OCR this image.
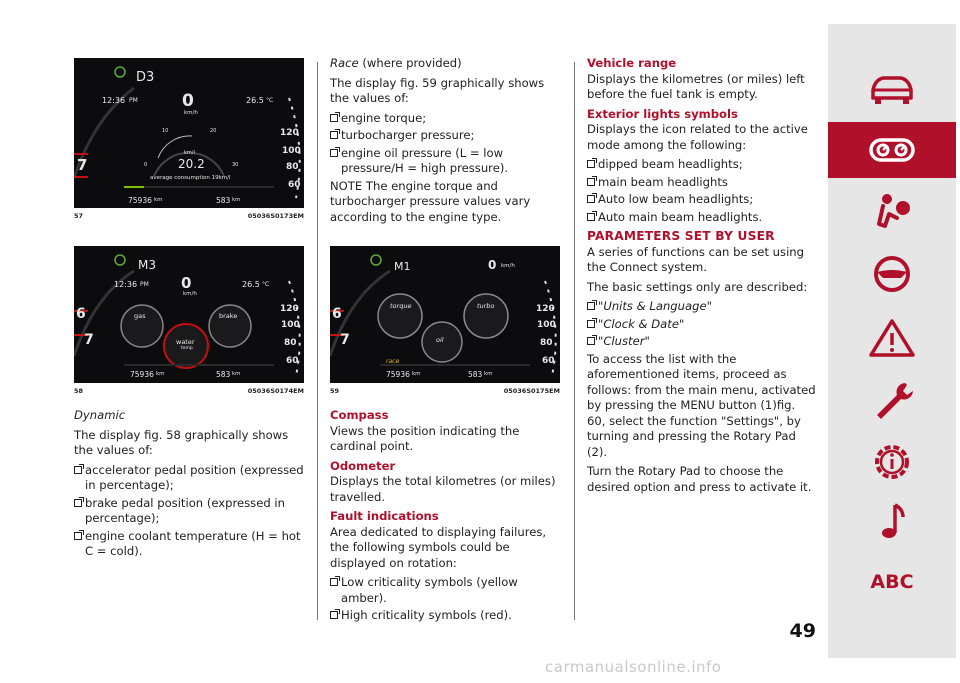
D3
12:36 PM	26.5 °C
0
km/h
0
10	20
30
km/l
20.2
average consumption 19km/l
75936 km	583 km
7
120
100
80
60
57	05036S0173EM
M3
12:36 PM	26.5 °C
0
km/h
gas	brake
water
temp
75936 km	583 km
6
7
120
100
80
60
58	05036S0174EM

Dynamic

The display fig. 58 graphically shows the values of:

accelerator pedal position (expressed in percentage);
brake pedal position (expressed in percentage);
engine coolant temperature (H = hot C = cold).

Race (where provided)

The display fig. 59 graphically shows the values of:

engine torque;
turbocharger pressure;
engine oil pressure (L = low pressure/H = high pressure).

NOTE The engine torque and turbocharger pressure values vary according to the engine type.

M1	0 km/h
torque	turbo
oil
race
75936 km	583 km
6
7
120
100
80
60
59	05036S0175EM
Compass

Views the position indicating the cardinal point.

Odometer

Displays the total kilometres (or miles) travelled.

Fault indications

Area dedicated to displaying failures, the following symbols could be displayed on rotation:

Low criticality symbols (yellow amber).
High criticality symbols (red).
Vehicle range

Displays the kilometres (or miles) left before the fuel tank is empty.

Exterior lights symbols

Displays the icon related to the active mode among the following:

dipped beam headlights;
main beam headlights
Auto low beam headlights;
Auto main beam headlights.
PARAMETERS SET BY USER

A series of functions can be set using the Connect system.

The basic settings only are described:

"Units & Language"
"Clock & Date"
"Cluster"

To access the list with the aforementioned items, proceed as follows: from the main menu, activated by pressing the MENU button (1)fig. 60, select the function "Settings", by turning and pressing the Rotary Pad (2).

Turn the Rotary Pad to choose the desired option and press to activate it.

ABC
49
carmanualsonline.info
